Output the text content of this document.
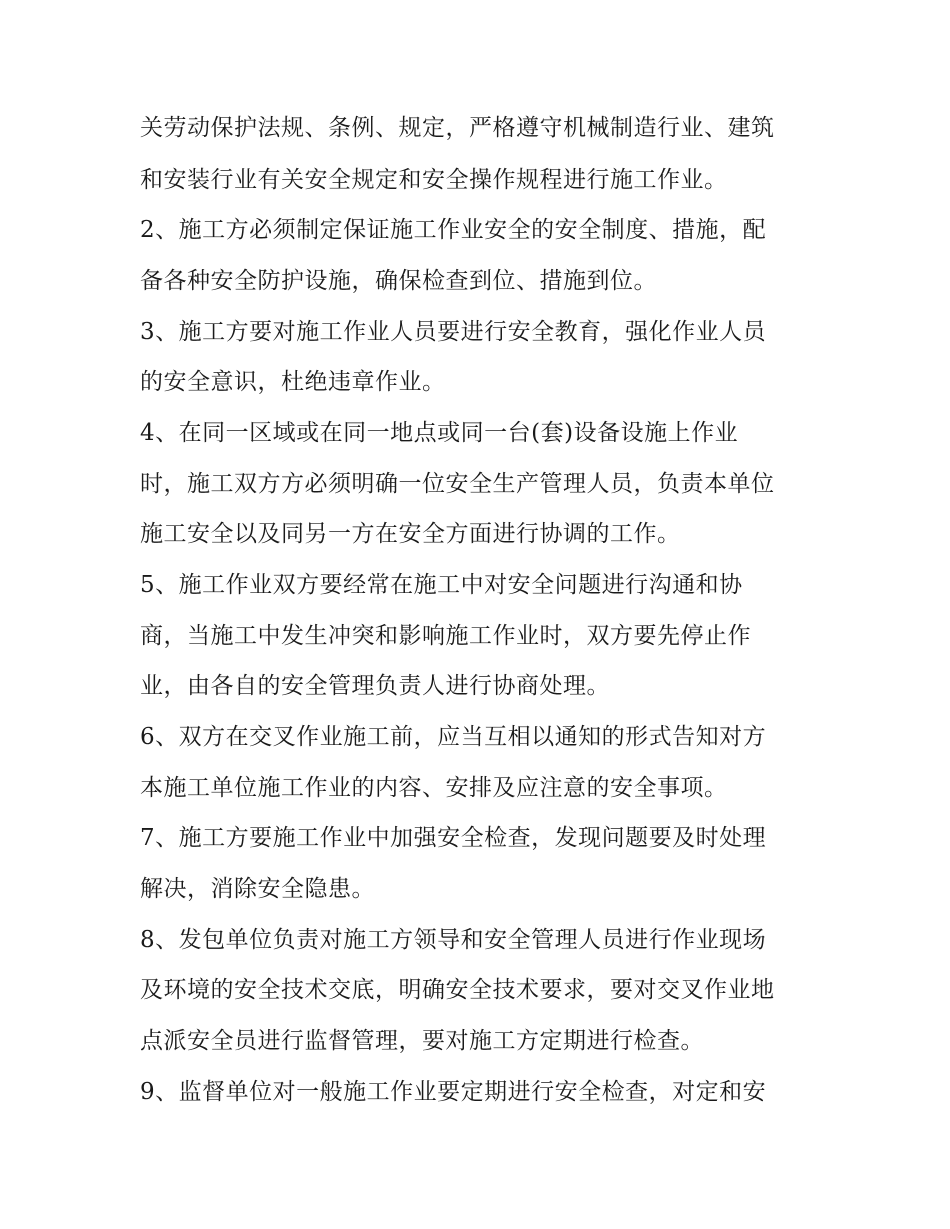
关劳动保护法规、条例、规定，严格遵守机械制造行业、建筑
和安装行业有关安全规定和安全操作规程进行施工作业。
2、施工方必须制定保证施工作业安全的安全制度、措施，配
备各种安全防护设施，确保检查到位、措施到位。
3、施工方要对施工作业人员要进行安全教育，强化作业人员
的安全意识，杜绝违章作业。
4、在同一区域或在同一地点或同一台(套)设备设施上作业
时，施工双方方必须明确一位安全生产管理人员，负责本单位
施工安全以及同另一方在安全方面进行协调的工作。
5、施工作业双方要经常在施工中对安全问题进行沟通和协
商，当施工中发生冲突和影响施工作业时，双方要先停止作
业，由各自的安全管理负责人进行协商处理。
6、双方在交叉作业施工前，应当互相以通知的形式告知对方
本施工单位施工作业的内容、安排及应注意的安全事项。
7、施工方要施工作业中加强安全检查，发现问题要及时处理
解决，消除安全隐患。
8、发包单位负责对施工方领导和安全管理人员进行作业现场
及环境的安全技术交底，明确安全技术要求，要对交叉作业地
点派安全员进行监督管理，要对施工方定期进行检查。
9、监督单位对一般施工作业要定期进行安全检查，对定和安
